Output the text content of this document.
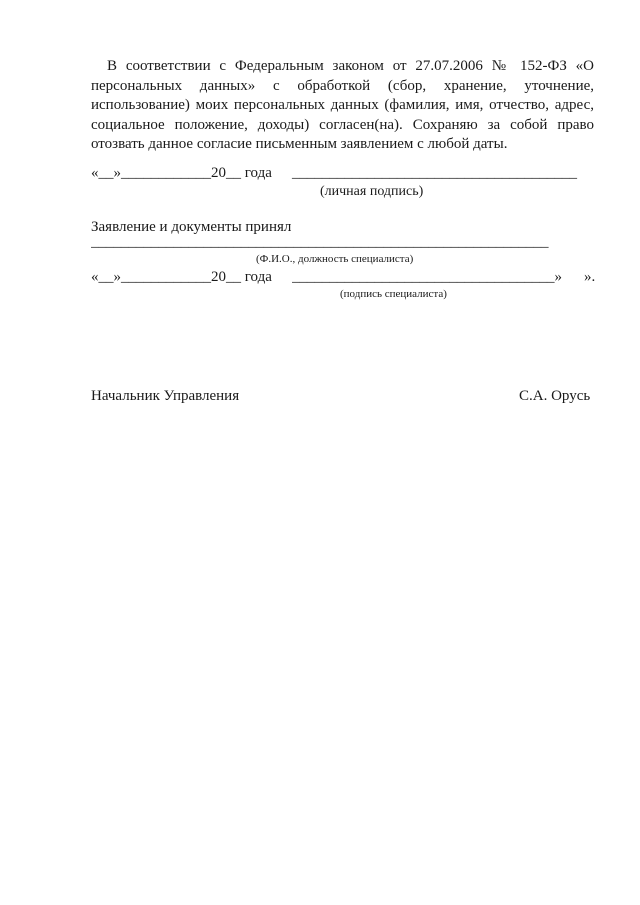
В соответствии с Федеральным законом от 27.07.2006 № 152-ФЗ «О персональных данных» с обработкой (сбор, хранение, уточнение, использование) моих персональных данных (фамилия, имя, отчество, адрес, социальное положение, доходы) согласен(на). Сохраняю за собой право отозвать данное согласие письменным заявлением с любой даты.

«__»____________20__ года ______________________________________
(личная подпись)
Заявление и документы принял
_____________________________________________________________
(Ф.И.О., должность специалиста)
«__»____________20__ года ___________________________________»	».
(подпись специалиста)
Начальник Управления	С.А. Орусь
